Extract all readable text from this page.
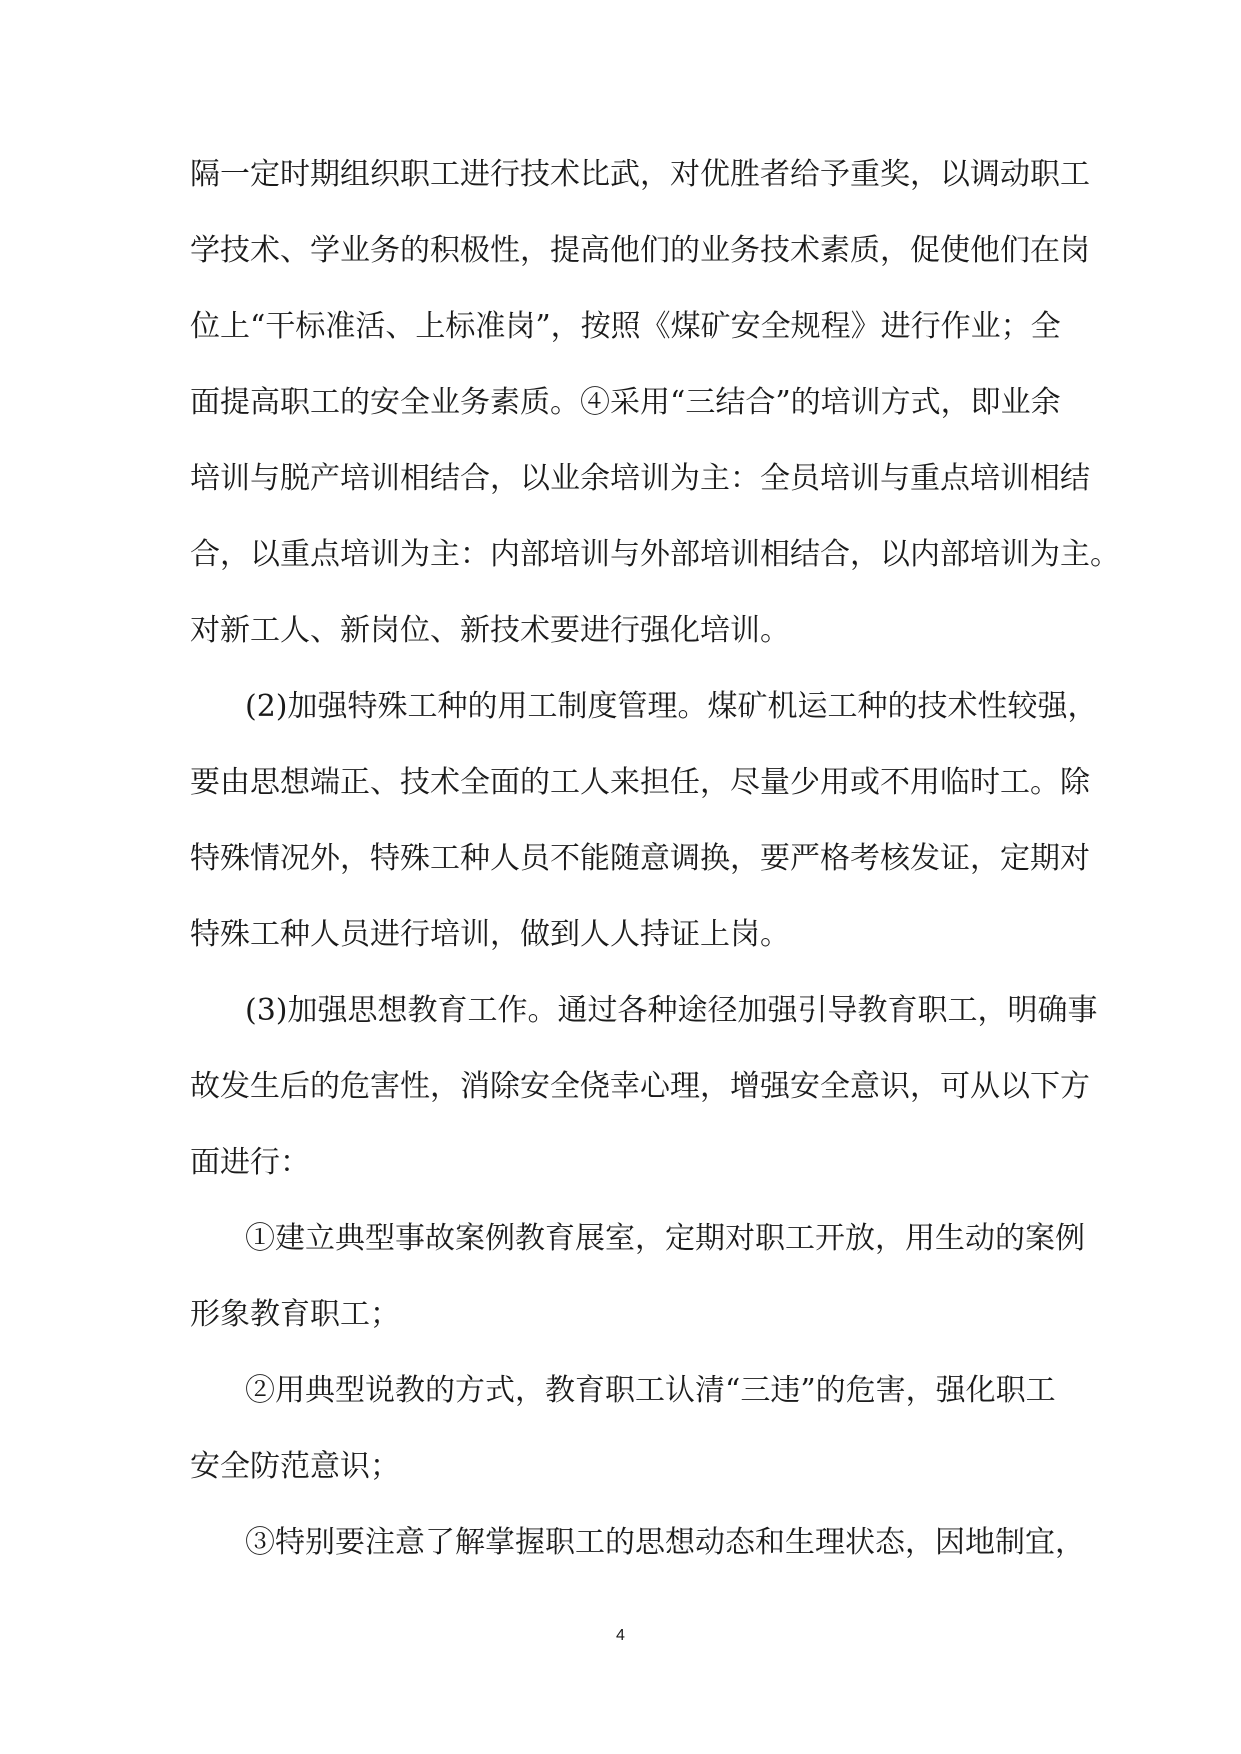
隔一定时期组织职工进行技术比武，对优胜者给予重奖，以调动职工
学技术、学业务的积极性，提高他们的业务技术素质，促使他们在岗
位上“干标准活、上标准岗”，按照《煤矿安全规程》进行作业；全
面提高职工的安全业务素质。④采用“三结合”的培训方式，即业余
培训与脱产培训相结合，以业余培训为主：全员培训与重点培训相结
合，以重点培训为主：内部培训与外部培训相结合，以内部培训为主。
对新工人、新岗位、新技术要进行强化培训。
(2)加强特殊工种的用工制度管理。煤矿机运工种的技术性较强，
要由思想端正、技术全面的工人来担任，尽量少用或不用临时工。除
特殊情况外，特殊工种人员不能随意调换，要严格考核发证，定期对
特殊工种人员进行培训，做到人人持证上岗。
(3)加强思想教育工作。通过各种途径加强引导教育职工，明确事
故发生后的危害性，消除安全侥幸心理，增强安全意识，可从以下方
面进行：
①建立典型事故案例教育展室，定期对职工开放，用生动的案例
形象教育职工；
②用典型说教的方式，教育职工认清“三违”的危害，强化职工
安全防范意识；
③特别要注意了解掌握职工的思想动态和生理状态，因地制宜，
4
